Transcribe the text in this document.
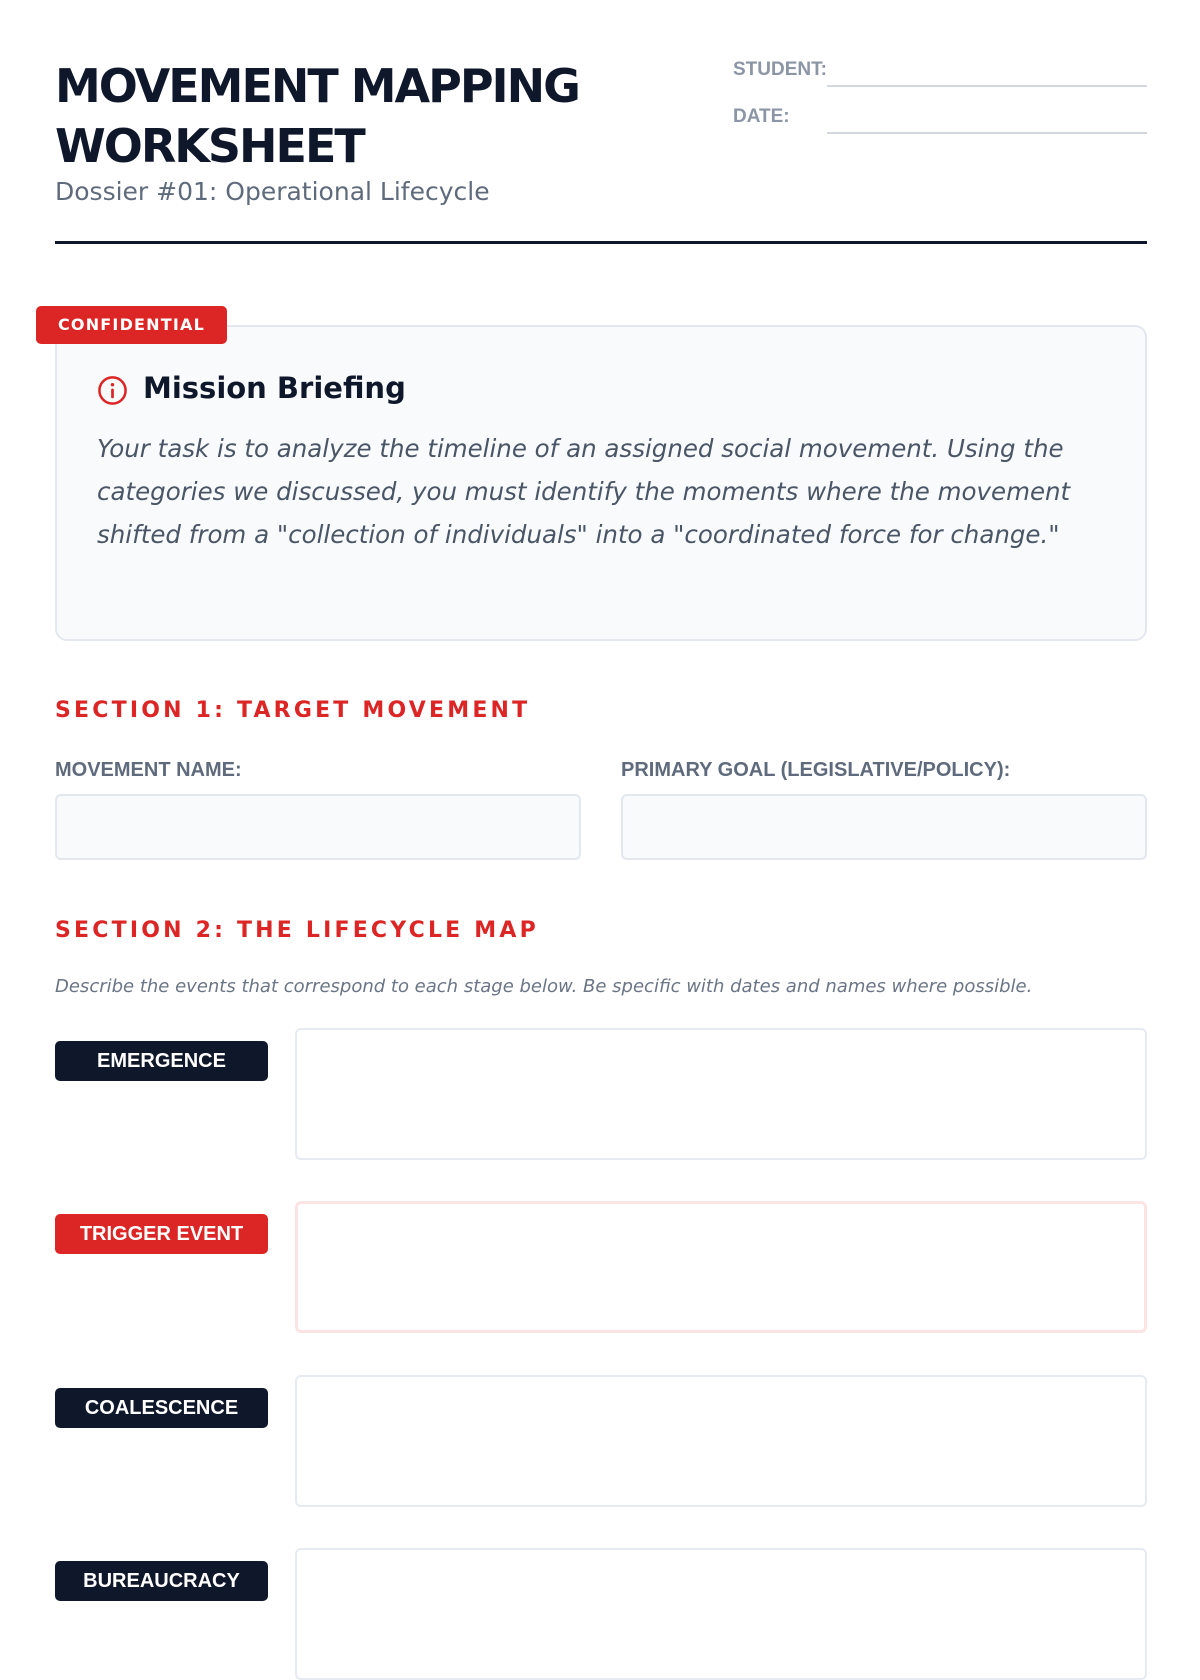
MOVEMENT MAPPING
WORKSHEET
Dossier #01: Operational Lifecycle
STUDENT:
DATE:
CONFIDENTIAL
Mission Briefing

Your task is to analyze the timeline of an assigned social movement. Using the categories we discussed, you must identify the moments where the movement shifted from a "collection of individuals" into a "coordinated force for change."

SECTION 1: TARGET MOVEMENT
MOVEMENT NAME:	PRIMARY GOAL (LEGISLATIVE/POLICY):
SECTION 2: THE LIFECYCLE MAP
Describe the events that correspond to each stage below. Be specific with dates and names where possible.
EMERGENCE
TRIGGER EVENT
COALESCENCE
BUREAUCRACY
